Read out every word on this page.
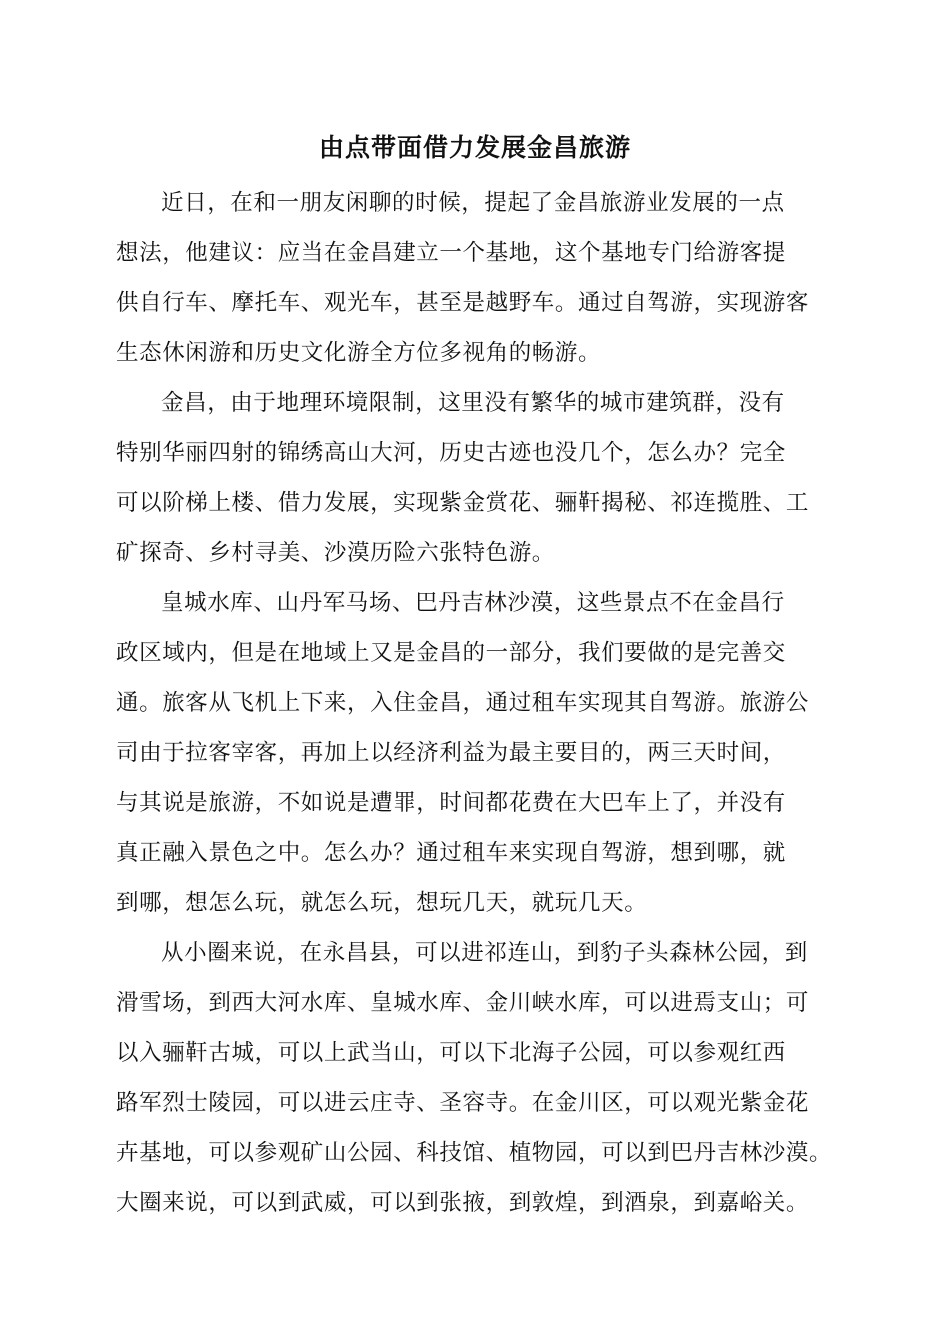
由点带面借力发展金昌旅游

近日，在和一朋友闲聊的时候，提起了金昌旅游业发展的一点
想法，他建议：应当在金昌建立一个基地，这个基地专门给游客提
供自行车、摩托车、观光车，甚至是越野车。通过自驾游，实现游客
生态休闲游和历史文化游全方位多视角的畅游。

金昌，由于地理环境限制，这里没有繁华的城市建筑群，没有
特别华丽四射的锦绣高山大河，历史古迹也没几个，怎么办？完全
可以阶梯上楼、借力发展，实现紫金赏花、骊靬揭秘、祁连揽胜、工
矿探奇、乡村寻美、沙漠历险六张特色游。

皇城水库、山丹军马场、巴丹吉林沙漠，这些景点不在金昌行
政区域内，但是在地域上又是金昌的一部分，我们要做的是完善交
通。旅客从飞机上下来，入住金昌，通过租车实现其自驾游。旅游公
司由于拉客宰客，再加上以经济利益为最主要目的，两三天时间，
与其说是旅游，不如说是遭罪，时间都花费在大巴车上了，并没有
真正融入景色之中。怎么办？通过租车来实现自驾游，想到哪，就
到哪，想怎么玩，就怎么玩，想玩几天，就玩几天。

从小圈来说，在永昌县，可以进祁连山，到豹子头森林公园，到
滑雪场，到西大河水库、皇城水库、金川峡水库，可以进焉支山；可
以入骊靬古城，可以上武当山，可以下北海子公园，可以参观红西
路军烈士陵园，可以进云庄寺、圣容寺。在金川区，可以观光紫金花
卉基地，可以参观矿山公园、科技馆、植物园，可以到巴丹吉林沙漠。
大圈来说，可以到武威，可以到张掖，到敦煌，到酒泉，到嘉峪关。
